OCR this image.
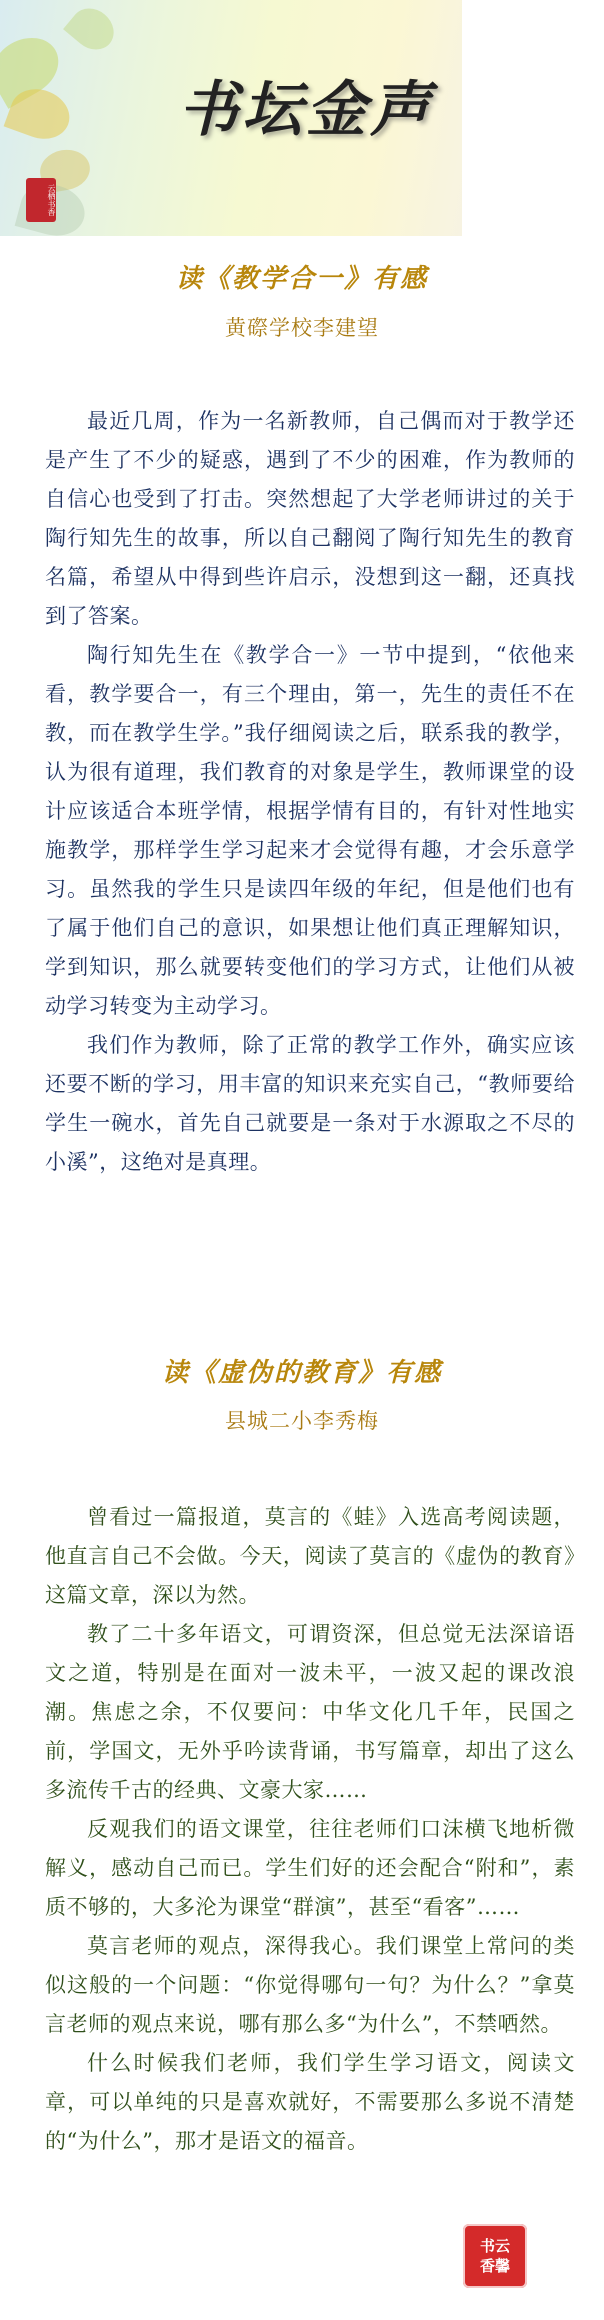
书坛金声
云栖书香
读《教学合一》有感
黄磜学校李建望

最近几周，作为一名新教师，自己偶而对于教学还是产生了不少的疑惑，遇到了不少的困难，作为教师的自信心也受到了打击。突然想起了大学老师讲过的关于陶行知先生的故事，所以自己翻阅了陶行知先生的教育名篇，希望从中得到些许启示，没想到这一翻，还真找到了答案。

陶行知先生在《教学合一》一节中提到，“依他来看，教学要合一，有三个理由，第一，先生的责任不在教，而在教学生学。”我仔细阅读之后，联系我的教学，认为很有道理，我们教育的对象是学生，教师课堂的设计应该适合本班学情，根据学情有目的，有针对性地实施教学，那样学生学习起来才会觉得有趣，才会乐意学习。虽然我的学生只是读四年级的年纪，但是他们也有了属于他们自己的意识，如果想让他们真正理解知识，学到知识，那么就要转变他们的学习方式，让他们从被动学习转变为主动学习。

我们作为教师，除了正常的教学工作外，确实应该还要不断的学习，用丰富的知识来充实自己，“教师要给学生一碗水，首先自己就要是一条对于水源取之不尽的小溪”，这绝对是真理。

读《虚伪的教育》有感
县城二小李秀梅

曾看过一篇报道，莫言的《蛙》入选高考阅读题，他直言自己不会做。今天，阅读了莫言的《虚伪的教育》这篇文章，深以为然。

教了二十多年语文，可谓资深，但总觉无法深谙语文之道，特别是在面对一波未平，一波又起的课改浪潮。焦虑之余，不仅要问：中华文化几千年，民国之前，学国文，无外乎吟读背诵，书写篇章，却出了这么多流传千古的经典、文豪大家……

反观我们的语文课堂，往往老师们口沫横飞地析微解义，感动自己而已。学生们好的还会配合“附和”，素质不够的，大多沦为课堂“群演”，甚至“看客”……

莫言老师的观点，深得我心。我们课堂上常问的类似这般的一个问题：“你觉得哪句一句？为什么？”拿莫言老师的观点来说，哪有那么多“为什么”，不禁哂然。

什么时候我们老师，我们学生学习语文，阅读文章，可以单纯的只是喜欢就好，不需要那么多说不清楚的“为什么”，那才是语文的福音。

书云
香馨
